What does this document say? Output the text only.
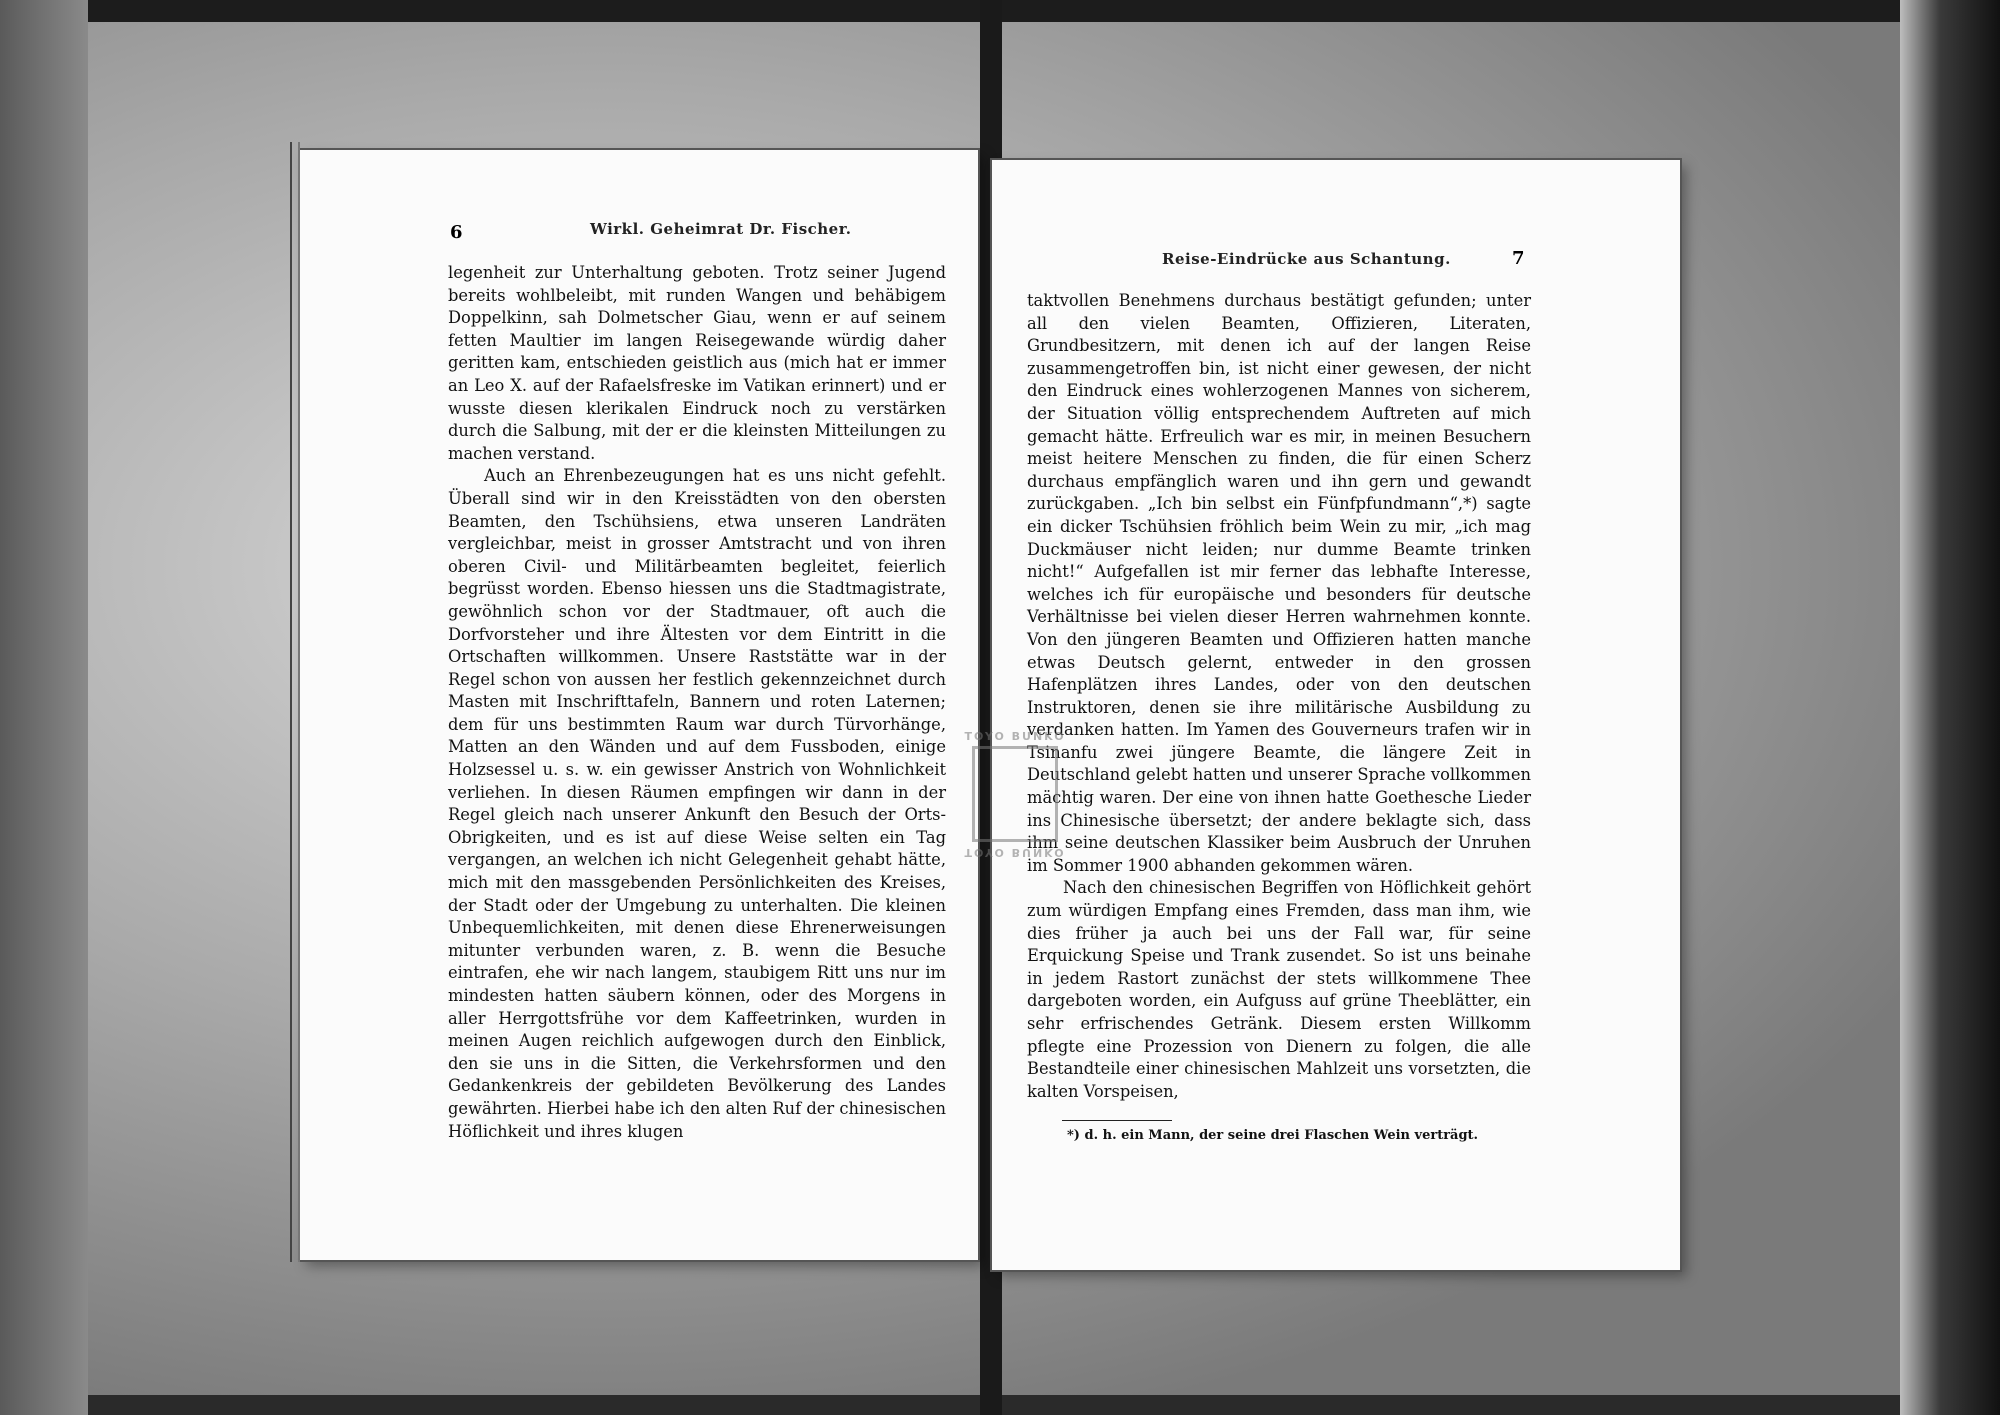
6	Wirkl. Geheimrat Dr. Fischer.

legenheit zur Unterhaltung geboten. Trotz seiner Jugend bereits wohlbeleibt, mit runden Wangen und behäbigem Doppelkinn, sah Dolmetscher Giau, wenn er auf seinem fetten Maultier im langen Reisegewande würdig daher geritten kam, entschieden geistlich aus (mich hat er immer an Leo X. auf der Rafaelsfreske im Vatikan erinnert) und er wusste diesen klerikalen Eindruck noch zu verstärken durch die Salbung, mit der er die kleinsten Mitteilungen zu machen verstand.

Auch an Ehrenbezeugungen hat es uns nicht gefehlt. Überall sind wir in den Kreisstädten von den obersten Beamten, den Tschühsiens, etwa unseren Landräten vergleichbar, meist in grosser Amtstracht und von ihren oberen Civil- und Militärbeamten begleitet, feierlich begrüsst worden. Ebenso hiessen uns die Stadtmagistrate, gewöhnlich schon vor der Stadtmauer, oft auch die Dorfvorsteher und ihre Ältesten vor dem Eintritt in die Ortschaften willkommen. Unsere Raststätte war in der Regel schon von aussen her festlich gekennzeichnet durch Masten mit Inschrifttafeln, Bannern und roten Laternen; dem für uns bestimmten Raum war durch Türvorhänge, Matten an den Wänden und auf dem Fussboden, einige Holzsessel u. s. w. ein gewisser Anstrich von Wohnlichkeit verliehen. In diesen Räumen empfingen wir dann in der Regel gleich nach unserer Ankunft den Besuch der Orts-Obrigkeiten, und es ist auf diese Weise selten ein Tag vergangen, an welchen ich nicht Gelegenheit gehabt hätte, mich mit den massgebenden Persönlichkeiten des Kreises, der Stadt oder der Umgebung zu unterhalten. Die kleinen Unbequemlichkeiten, mit denen diese Ehrenerweisungen mitunter verbunden waren, z. B. wenn die Besuche eintrafen, ehe wir nach langem, staubigem Ritt uns nur im mindesten hatten säubern können, oder des Morgens in aller Herrgottsfrühe vor dem Kaffeetrinken, wurden in meinen Augen reichlich aufgewogen durch den Einblick, den sie uns in die Sitten, die Verkehrsformen und den Gedankenkreis der gebildeten Bevölkerung des Landes gewährten. Hierbei habe ich den alten Ruf der chinesischen Höflichkeit und ihres klugen

Reise-Eindrücke aus Schantung.	7

taktvollen Benehmens durchaus bestätigt gefunden; unter all den vielen Beamten, Offizieren, Literaten, Grundbesitzern, mit denen ich auf der langen Reise zusammengetroffen bin, ist nicht einer gewesen, der nicht den Eindruck eines wohlerzogenen Mannes von sicherem, der Situation völlig entsprechendem Auftreten auf mich gemacht hätte. Erfreulich war es mir, in meinen Besuchern meist heitere Menschen zu finden, die für einen Scherz durchaus empfänglich waren und ihn gern und gewandt zurückgaben. „Ich bin selbst ein Fünfpfundmann“,*) sagte ein dicker Tschühsien fröhlich beim Wein zu mir, „ich mag Duckmäuser nicht leiden; nur dumme Beamte trinken nicht!“ Aufgefallen ist mir ferner das lebhafte Interesse, welches ich für europäische und besonders für deutsche Verhältnisse bei vielen dieser Herren wahrnehmen konnte. Von den jüngeren Beamten und Offizieren hatten manche etwas Deutsch gelernt, entweder in den grossen Hafenplätzen ihres Landes, oder von den deutschen Instruktoren, denen sie ihre militärische Ausbildung zu verdanken hatten. Im Yamen des Gouverneurs trafen wir in Tsinanfu zwei jüngere Beamte, die längere Zeit in Deutschland gelebt hatten und unserer Sprache vollkommen mächtig waren. Der eine von ihnen hatte Goethesche Lieder ins Chinesische übersetzt; der andere beklagte sich, dass ihm seine deutschen Klassiker beim Ausbruch der Unruhen im Sommer 1900 abhanden gekommen wären.

Nach den chinesischen Begriffen von Höflichkeit gehört zum würdigen Empfang eines Fremden, dass man ihm, wie dies früher ja auch bei uns der Fall war, für seine Erquickung Speise und Trank zusendet. So ist uns beinahe in jedem Rastort zunächst der stets willkommene Thee dargeboten worden, ein Aufguss auf grüne Theeblätter, ein sehr erfrischendes Getränk. Diesem ersten Willkomm pflegte eine Prozession von Dienern zu folgen, die alle Bestandteile einer chinesischen Mahlzeit uns vorsetzten, die kalten Vorspeisen,

*) d. h. ein Mann, der seine drei Flaschen Wein verträgt.
TOYO BUNKO
TOYO BUNKO
